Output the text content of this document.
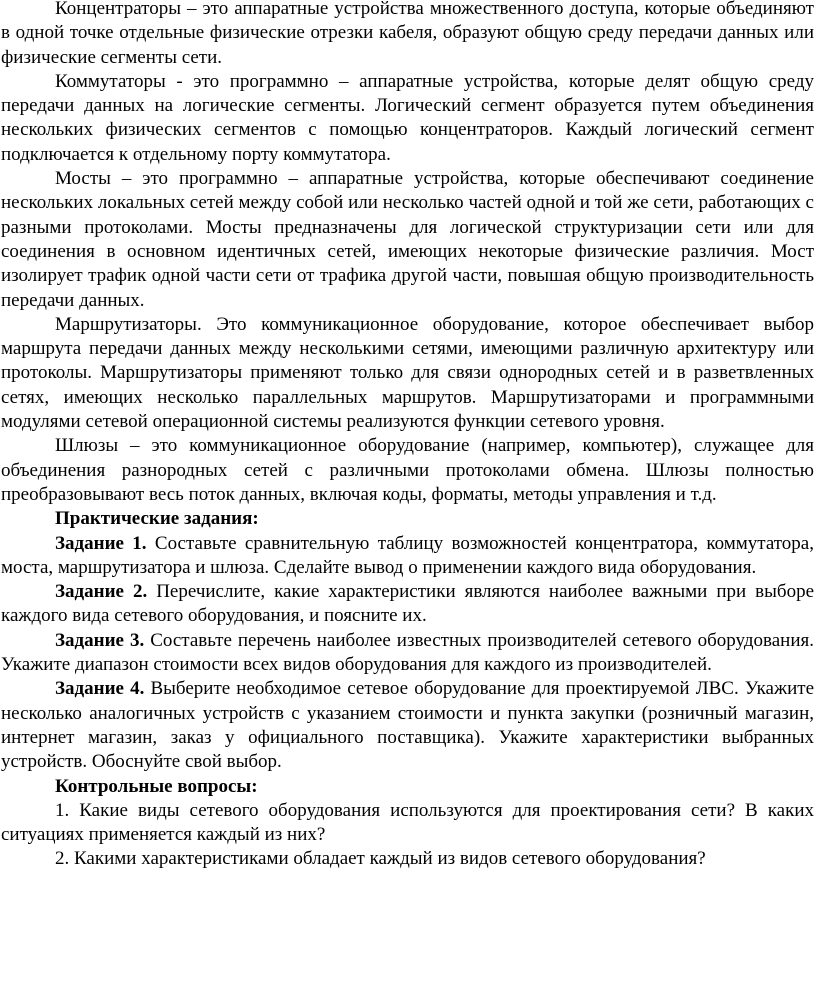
Концентраторы – это аппаратные устройства множественного доступа, которые объединяют в одной точке отдельные физические отрезки кабеля, образуют общую среду передачи данных или физические сегменты сети.

Коммутаторы - это программно – аппаратные устройства, которые делят общую среду передачи данных на логические сегменты. Логический сегмент образуется путем объединения нескольких физических сегментов с помощью концентраторов. Каждый логический сегмент подключается к отдельному порту коммутатора.

Мосты – это программно – аппаратные устройства, которые обеспечивают соединение нескольких локальных сетей между собой или несколько частей одной и той же сети, работающих с разными протоколами. Мосты предназначены для логической структуризации сети или для соединения в основном идентичных сетей, имеющих некоторые физические различия. Мост изолирует трафик одной части сети от трафика другой части, повышая общую производительность передачи данных.

Маршрутизаторы. Это коммуникационное оборудование, которое обеспечивает выбор маршрута передачи данных между несколькими сетями, имеющими различную архитектуру или протоколы. Маршрутизаторы применяют только для связи однородных сетей и в разветвленных сетях, имеющих несколько параллельных маршрутов. Маршрутизаторами и программными модулями сетевой операционной системы реализуются функции сетевого уровня.

Шлюзы – это коммуникационное оборудование (например, компьютер), служащее для объединения разнородных сетей с различными протоколами обмена. Шлюзы полностью преобразовывают весь поток данных, включая коды, форматы, методы управления и т.д.

Практические задания:

Задание 1. Составьте сравнительную таблицу возможностей концентратора, коммутатора, моста, маршрутизатора и шлюза. Сделайте вывод о применении каждого вида оборудования.

Задание 2. Перечислите, какие характеристики являются наиболее важными при выборе каждого вида сетевого оборудования, и поясните их.

Задание 3. Составьте перечень наиболее известных производителей сетевого оборудования. Укажите диапазон стоимости всех видов оборудования для каждого из производителей.

Задание 4. Выберите необходимое сетевое оборудование для проектируемой ЛВС. Укажите несколько аналогичных устройств с указанием стоимости и пункта закупки (розничный магазин, интернет магазин, заказ у официального поставщика). Укажите характеристики выбранных устройств. Обоснуйте свой выбор.

Контрольные вопросы:

1. Какие виды сетевого оборудования используются для проектирования сети? В каких ситуациях применяется каждый из них?

2. Какими характеристиками обладает каждый из видов сетевого оборудования?
